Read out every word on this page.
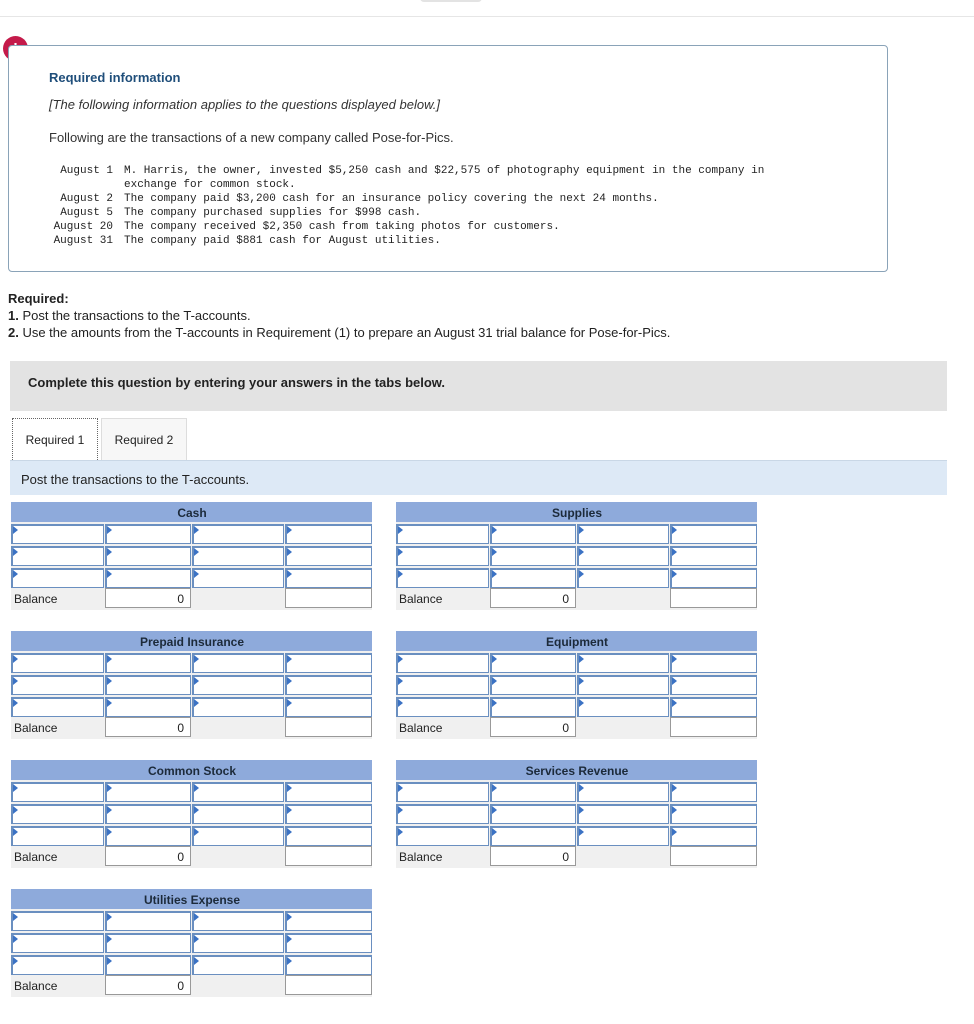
Required information
[The following information applies to the questions displayed below.]
Following are the transactions of a new company called Pose-for-Pics.
August 1 M. Harris, the owner, invested $5,250 cash and $22,575 of photography equipment in the company in
exchange for common stock.
August 2 The company paid $3,200 cash for an insurance policy covering the next 24 months.
August 5 The company purchased supplies for $998 cash.
August 20 The company received $2,350 cash from taking photos for customers.
August 31 The company paid $881 cash for August utilities.
Required:
1. Post the transactions to the T-accounts.
2. Use the amounts from the T-accounts in Requirement (1) to prepare an August 31 trial balance for Pose-for-Pics.
Complete this question by entering your answers in the tabs below.
Required 1	Required 2
Post the transactions to the T-accounts.
Cash
Balance	0
Supplies
Balance	0
Prepaid Insurance
Balance	0
Equipment
Balance	0
Common Stock
Balance	0
Services Revenue
Balance	0
Utilities Expense
Balance	0
